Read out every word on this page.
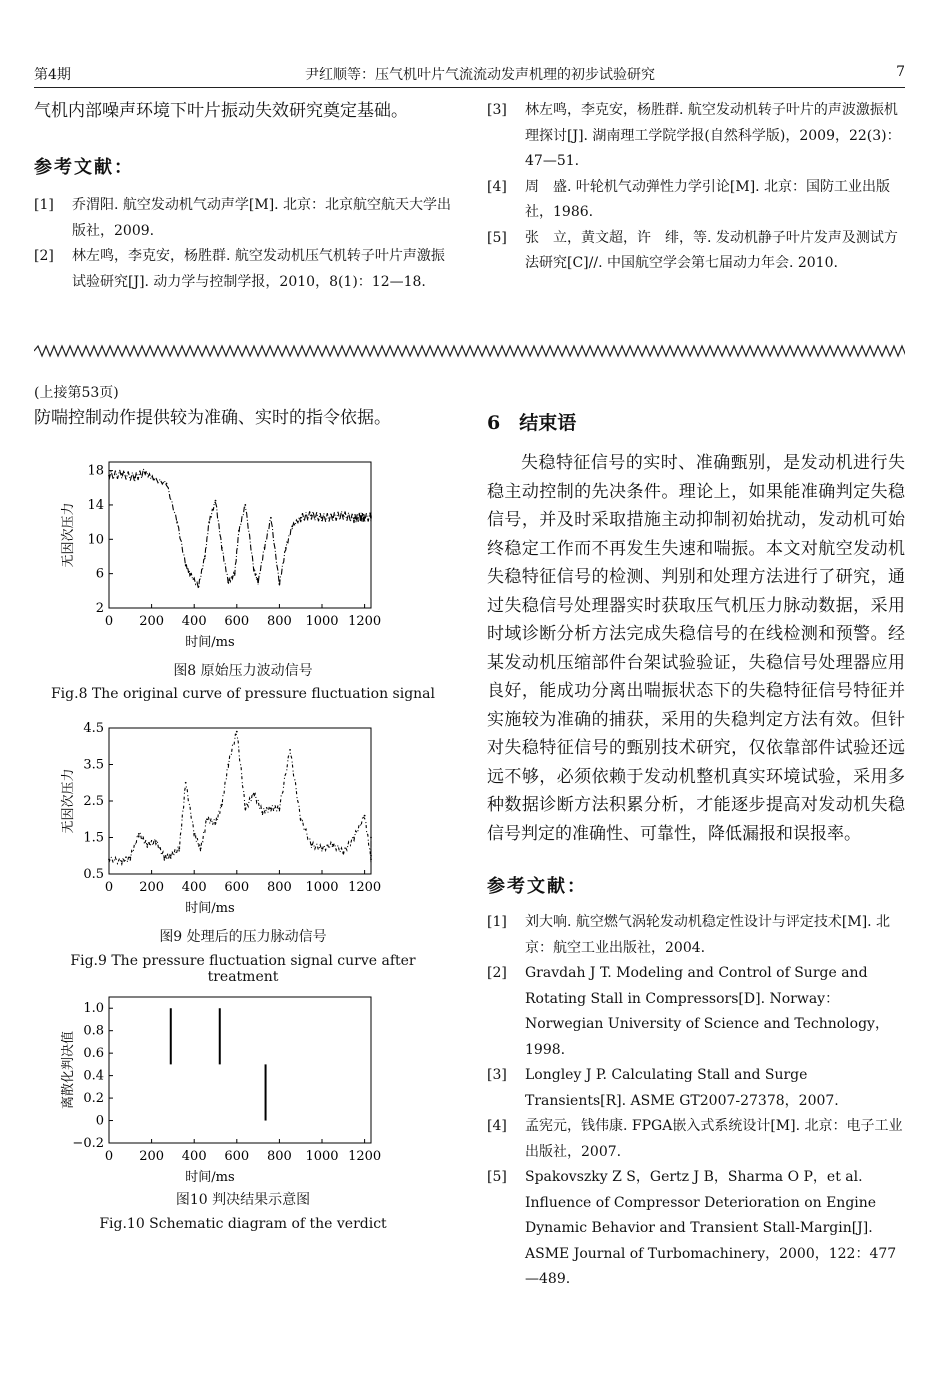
第4期	尹红顺等：压气机叶片气流流动发声机理的初步试验研究	7
气机内部噪声环境下叶片振动失效研究奠定基础。
参考文献：
[1] 乔渭阳. 航空发动机气动声学[M]. 北京：北京航空航天大学出版社，2009.
[2] 林左鸣，李克安，杨胜群. 航空发动机压气机转子叶片声激振试验研究[J]. 动力学与控制学报，2010，8(1)：12—18.
[3] 林左鸣，李克安，杨胜群. 航空发动机转子叶片的声波激振机理探讨[J]. 湖南理工学院学报(自然科学版)，2009，22(3)：47—51.
[4] 周　盛. 叶轮机气动弹性力学引论[M]. 北京：国防工业出版社，1986.
[5] 张　立，黄文超，许　绯，等. 发动机静子叶片发声及测试方法研究[C]//. 中国航空学会第七届动力年会. 2010.
(上接第53页)
防喘控制动作提供较为准确、实时的指令依据。
0 200 400 600 800 1000 1200
2
6
10
14
18
时间/ms
无因次压力
图8 原始压力波动信号
Fig.8 The original curve of pressure fluctuation signal
0 200 400 600 800 1000 1200
0.5
1.5
2.5
3.5
4.5
时间/ms
无因次压力
图9 处理后的压力脉动信号
Fig.9 The pressure fluctuation signal curve after treatment
0 200 400 600 800 1000 1200
−0.2
0
0.2
0.4
0.6
0.8
1.0
时间/ms
离散化判决值
图10 判决结果示意图
Fig.10 Schematic diagram of the verdict
6　结束语
失稳特征信号的实时、准确甄别，是发动机进行失稳主动控制的先决条件。理论上，如果能准确判定失稳信号，并及时采取措施主动抑制初始扰动，发动机可始终稳定工作而不再发生失速和喘振。本文对航空发动机失稳特征信号的检测、判别和处理方法进行了研究，通过失稳信号处理器实时获取压气机压力脉动数据，采用时域诊断分析方法完成失稳信号的在线检测和预警。经某发动机压缩部件台架试验验证，失稳信号处理器应用良好，能成功分离出喘振状态下的失稳特征信号特征并实施较为准确的捕获，采用的失稳判定方法有效。但针对失稳特征信号的甄别技术研究，仅依靠部件试验还远远不够，必须依赖于发动机整机真实环境试验，采用多种数据诊断方法积累分析，才能逐步提高对发动机失稳信号判定的准确性、可靠性，降低漏报和误报率。
参考文献：
[1] 刘大响. 航空燃气涡轮发动机稳定性设计与评定技术[M]. 北京：航空工业出版社，2004.
[2] Gravdah J T. Modeling and Control of Surge and Rotating Stall in Compressors[D]. Norway：Norwegian University of Science and Technology，1998.
[3] Longley J P. Calculating Stall and Surge Transients[R]. ASME GT2007-27378，2007.
[4] 孟宪元，钱伟康. FPGA嵌入式系统设计[M]. 北京：电子工业出版社，2007.
[5] Spakovszky Z S，Gertz J B，Sharma O P，et al. Influence of Compressor Deterioration on Engine Dynamic Behavior and Transient Stall-Margin[J]. ASME Journal of Turbomachinery，2000，122：477—489.
